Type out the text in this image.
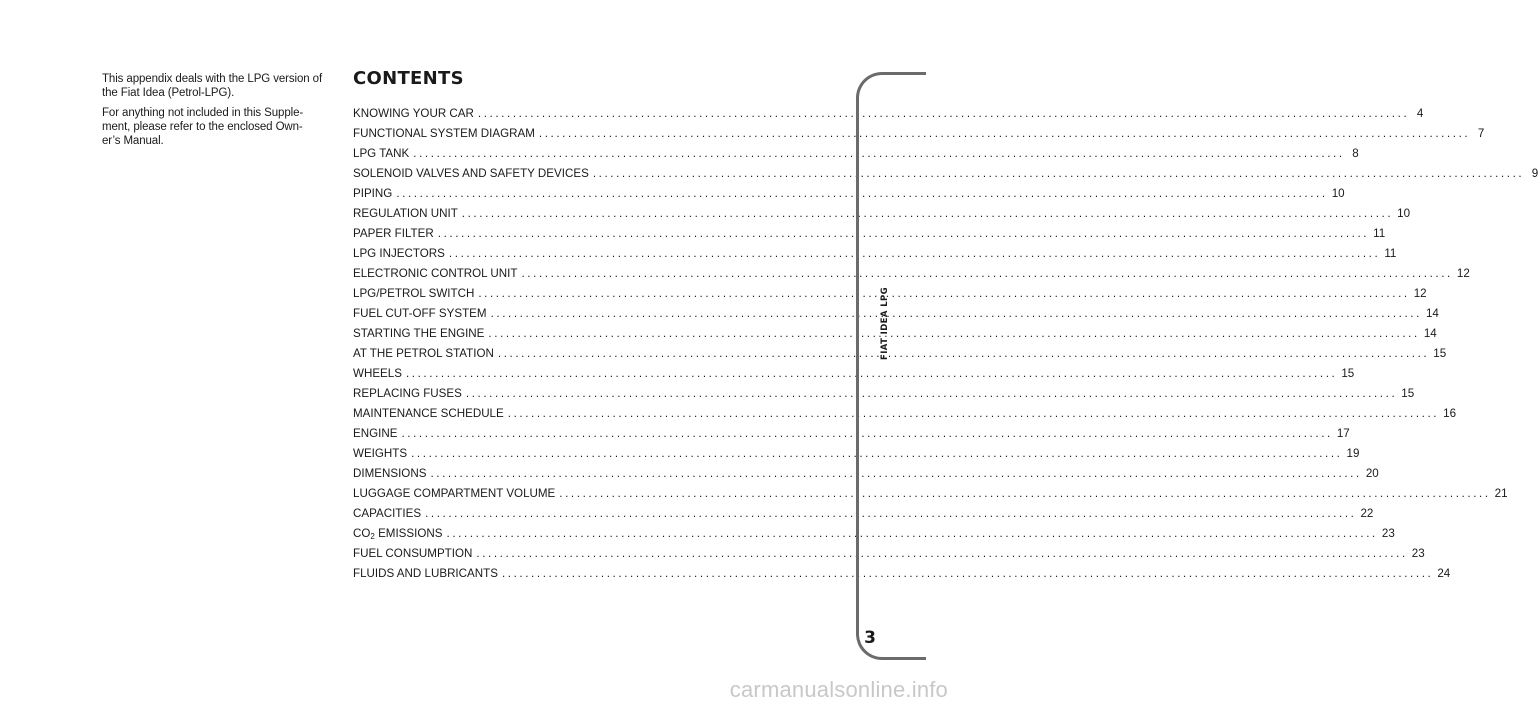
This appendix deals with the LPG version of the Fiat Idea (Petrol-LPG).

For anything not included in this Supple- ment, please refer to the enclosed Own- er’s Manual.

CONTENTS
KNOWING YOUR CAR ................................................................................................................................................................ 4
FUNCTIONAL SYSTEM DIAGRAM ................................................................................................................................................................ 7
LPG TANK ................................................................................................................................................................ 8
SOLENOID VALVES AND SAFETY DEVICES ................................................................................................................................................................ 9
PIPING ................................................................................................................................................................ 10
REGULATION UNIT ................................................................................................................................................................ 10
PAPER FILTER ................................................................................................................................................................ 11
LPG INJECTORS ................................................................................................................................................................ 11
ELECTRONIC CONTROL UNIT ................................................................................................................................................................ 12
LPG/PETROL SWITCH ................................................................................................................................................................ 12
FUEL CUT-OFF SYSTEM ................................................................................................................................................................ 14
STARTING THE ENGINE ................................................................................................................................................................ 14
AT THE PETROL STATION ................................................................................................................................................................ 15
WHEELS ................................................................................................................................................................ 15
REPLACING FUSES ................................................................................................................................................................ 15
MAINTENANCE SCHEDULE ................................................................................................................................................................ 16
ENGINE ................................................................................................................................................................ 17
WEIGHTS ................................................................................................................................................................ 19
DIMENSIONS ................................................................................................................................................................ 20
LUGGAGE COMPARTMENT VOLUME ................................................................................................................................................................ 21
CAPACITIES ................................................................................................................................................................ 22
$CO_2$ EMISSIONS ................................................................................................................................................................ 23
FUEL CONSUMPTION ................................................................................................................................................................ 23
FLUIDS AND LUBRICANTS ................................................................................................................................................................ 24
FIAT IDEA LPG
3
carmanualsonline.info
